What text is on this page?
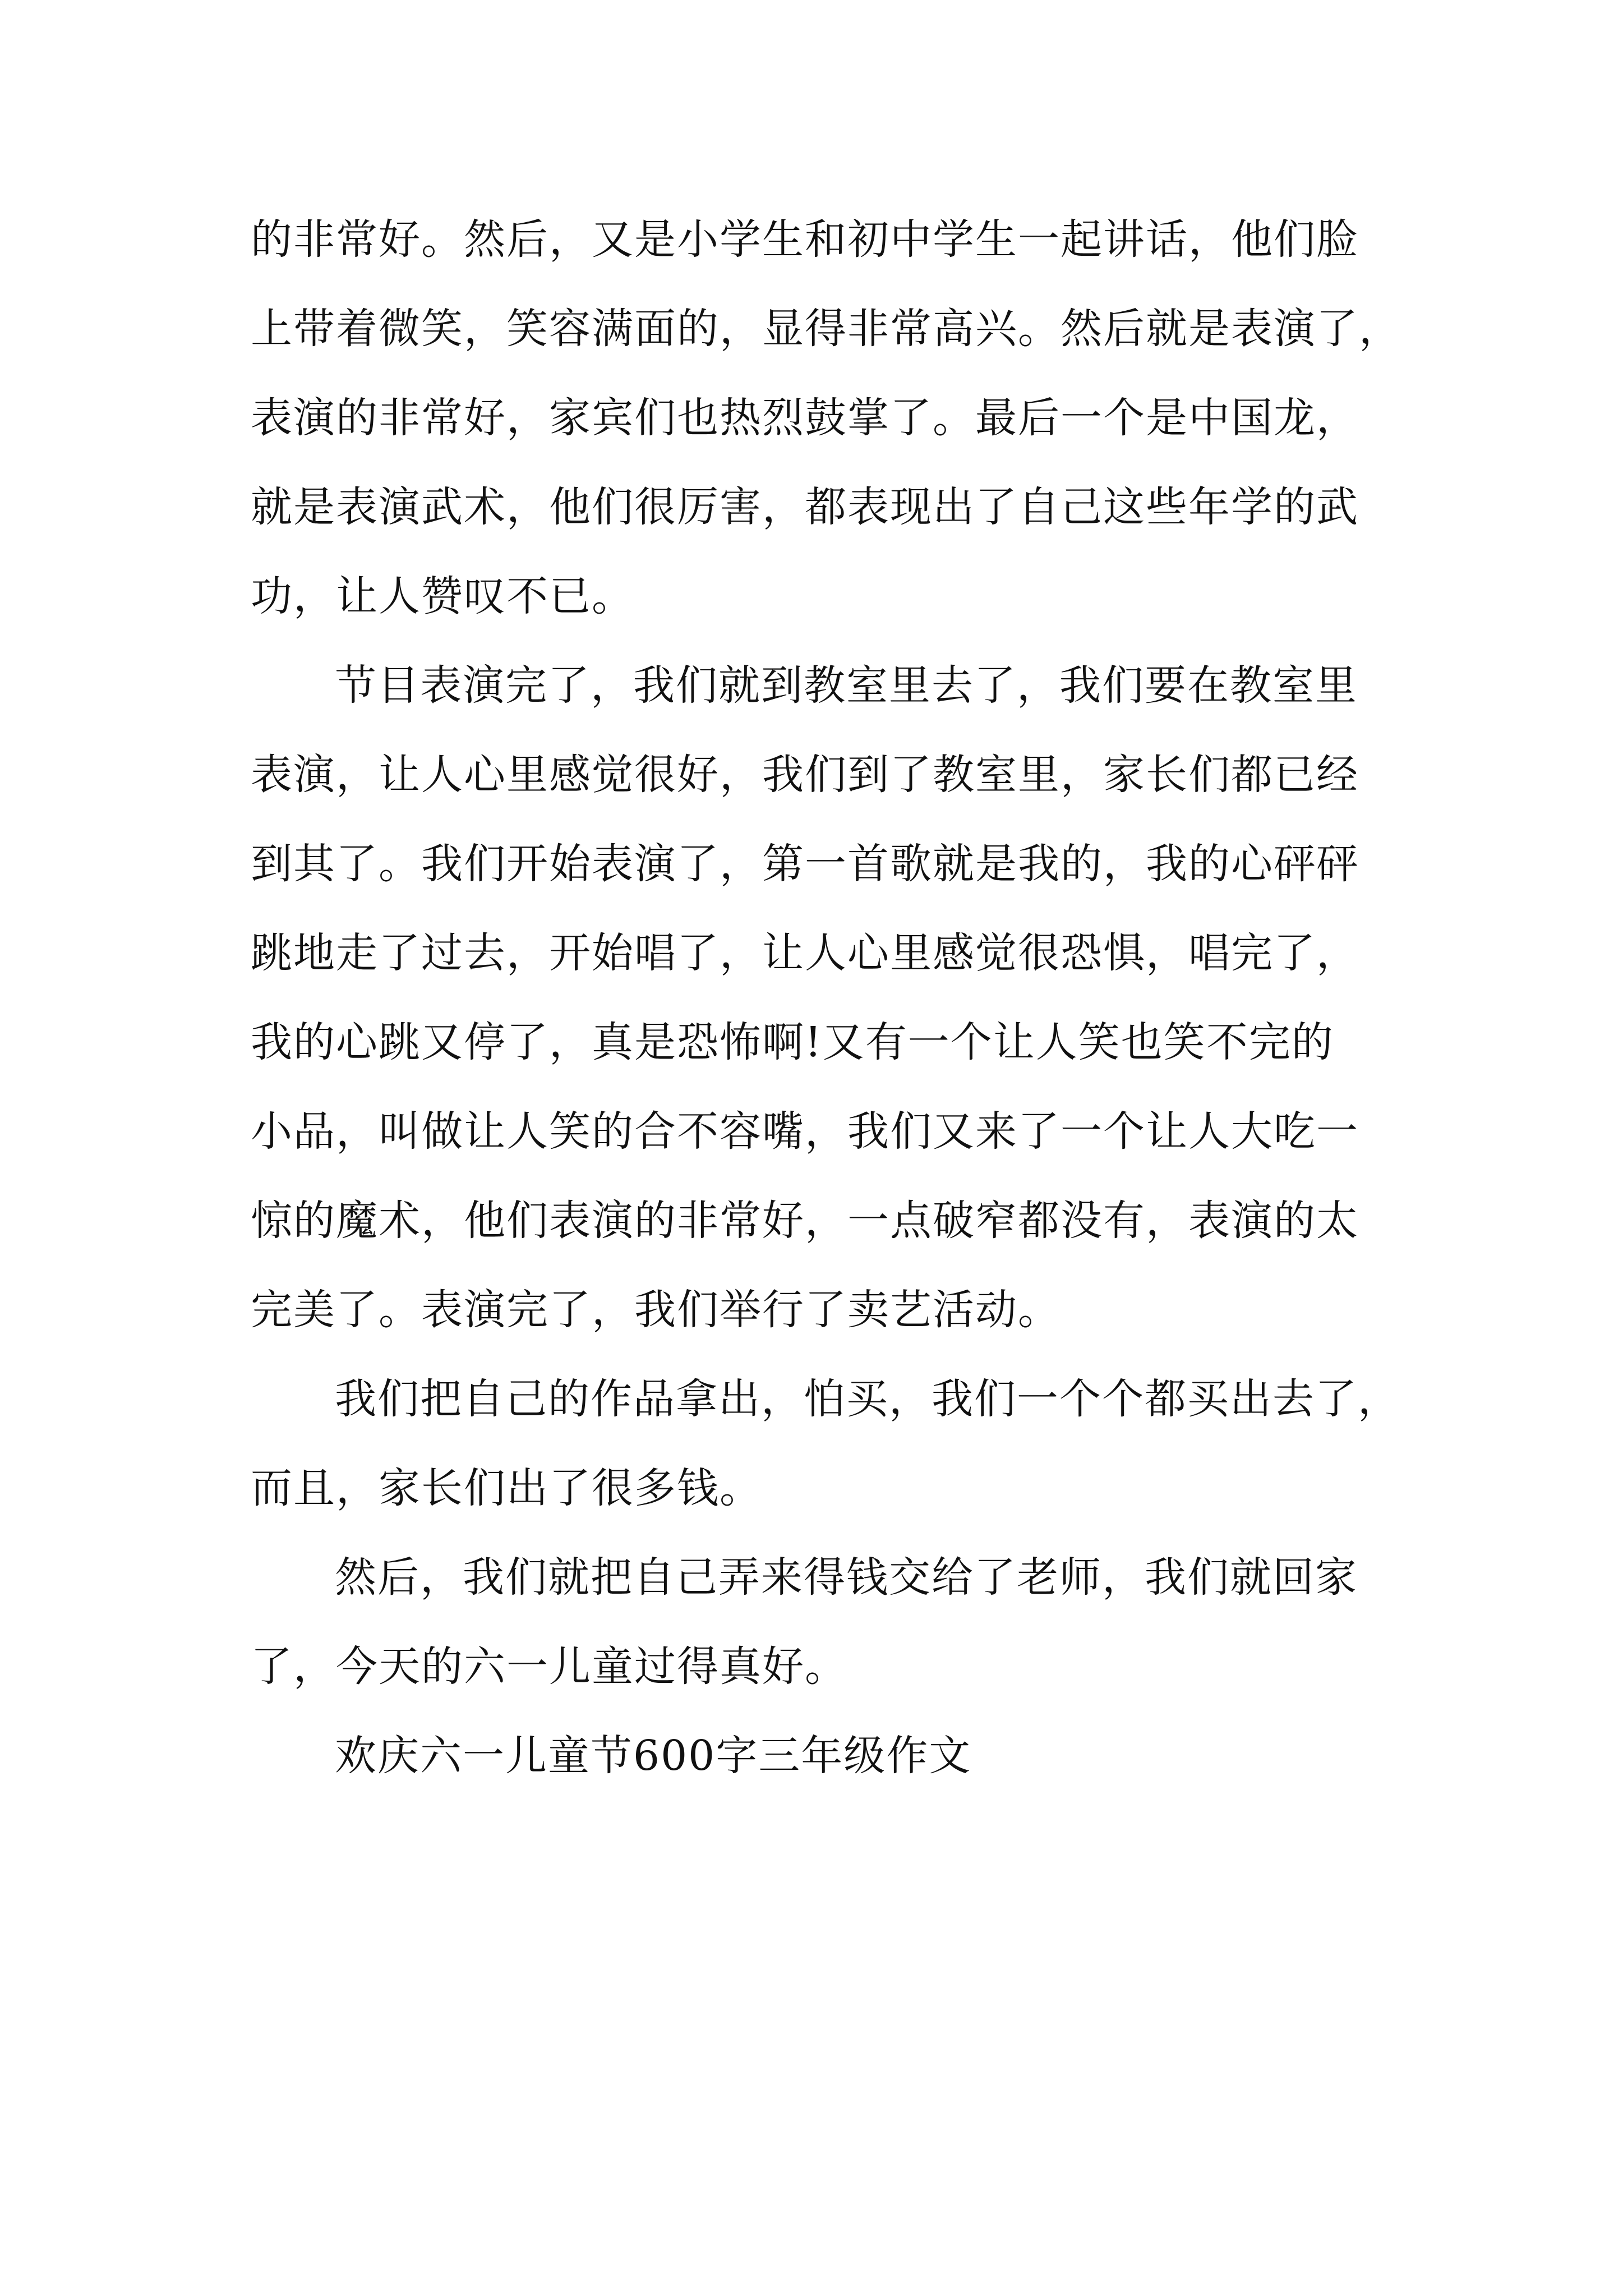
的非常好。然后，又是小学生和初中学生一起讲话，他们脸
上带着微笑，笑容满面的，显得非常高兴。然后就是表演了，
表演的非常好，家宾们也热烈鼓掌了。最后一个是中国龙，
就是表演武术，他们很厉害，都表现出了自己这些年学的武
功，让人赞叹不已。
节目表演完了，我们就到教室里去了，我们要在教室里
表演，让人心里感觉很好，我们到了教室里，家长们都已经
到其了。我们开始表演了，第一首歌就是我的，我的心砰砰
跳地走了过去，开始唱了，让人心里感觉很恐惧，唱完了，
我的心跳又停了，真是恐怖啊!又有一个让人笑也笑不完的
小品，叫做让人笑的合不容嘴，我们又来了一个让人大吃一
惊的魔术，他们表演的非常好，一点破窄都没有，表演的太
完美了。表演完了，我们举行了卖艺活动。
我们把自己的作品拿出，怕买，我们一个个都买出去了，
而且，家长们出了很多钱。
然后，我们就把自己弄来得钱交给了老师，我们就回家
了，今天的六一儿童过得真好。
欢庆六一儿童节600字三年级作文
